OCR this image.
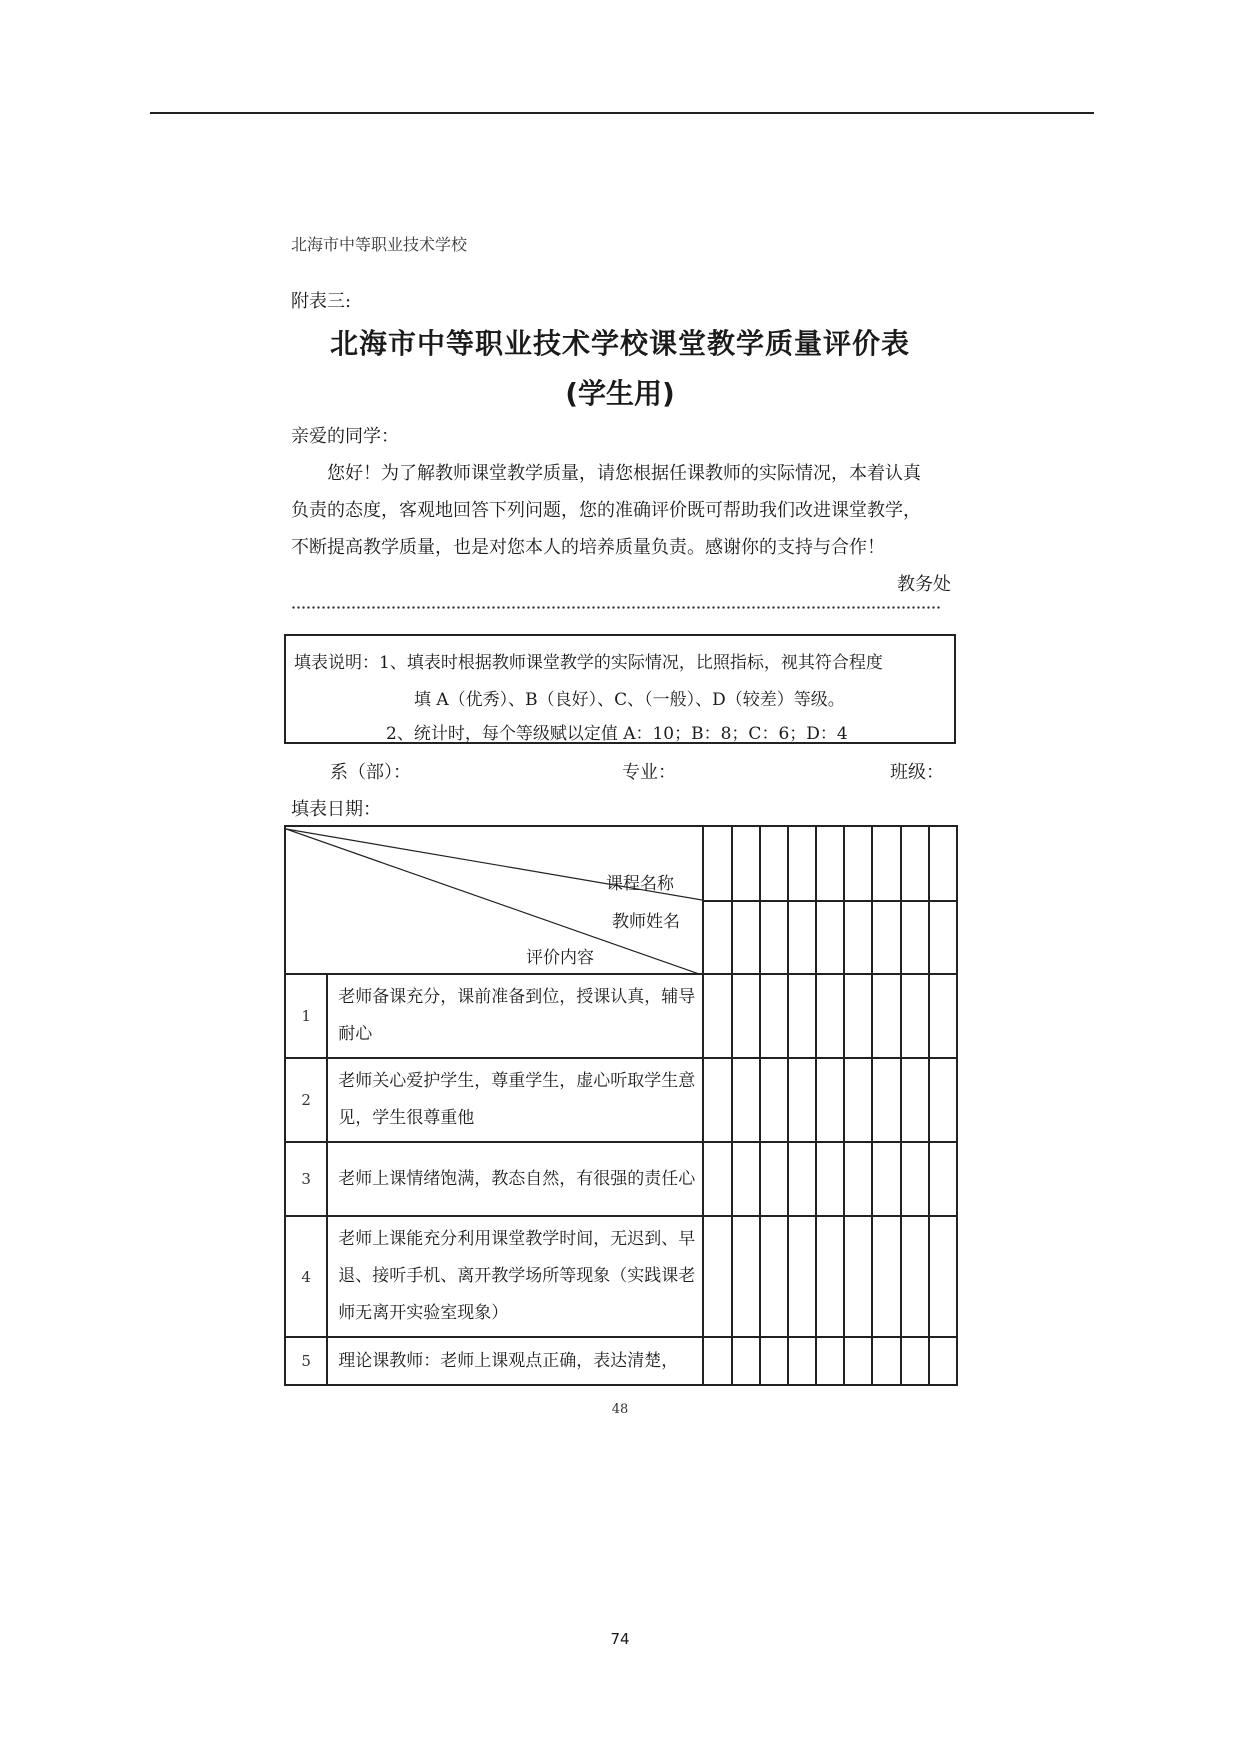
北海市中等职业技术学校
附表三:
北海市中等职业技术学校课堂教学质量评价表
(学生用)
亲爱的同学：

您好！为了解教师课堂教学质量，请您根据任课教师的实际情况，本着认真

负责的态度，客观地回答下列问题，您的准确评价既可帮助我们改进课堂教学，

不断提高教学质量，也是对您本人的培养质量负责。感谢你的支持与合作！

教务处
填表说明：1、填表时根据教师课堂教学的实际情况，比照指标，视其符合程度
填 A（优秀）、B（良好）、C、（一般）、D（较差）等级。
2、统计时，每个等级赋以定值 A：10；B：8；C：6；D：4
系（部）：	专业：	班级：
填表日期：
课程名称
教师姓名
评价内容										

1	老师备课充分，课前准备到位，授课认真，辅导耐心									
2	老师关心爱护学生，尊重学生，虚心听取学生意见，学生很尊重他									
3	老师上课情绪饱满，教态自然，有很强的责任心									
4	老师上课能充分利用课堂教学时间，无迟到、早退、接听手机、离开教学场所等现象（实践课老师无离开实验室现象）									
5	理论课教师：老师上课观点正确，表达清楚，									
48
74
